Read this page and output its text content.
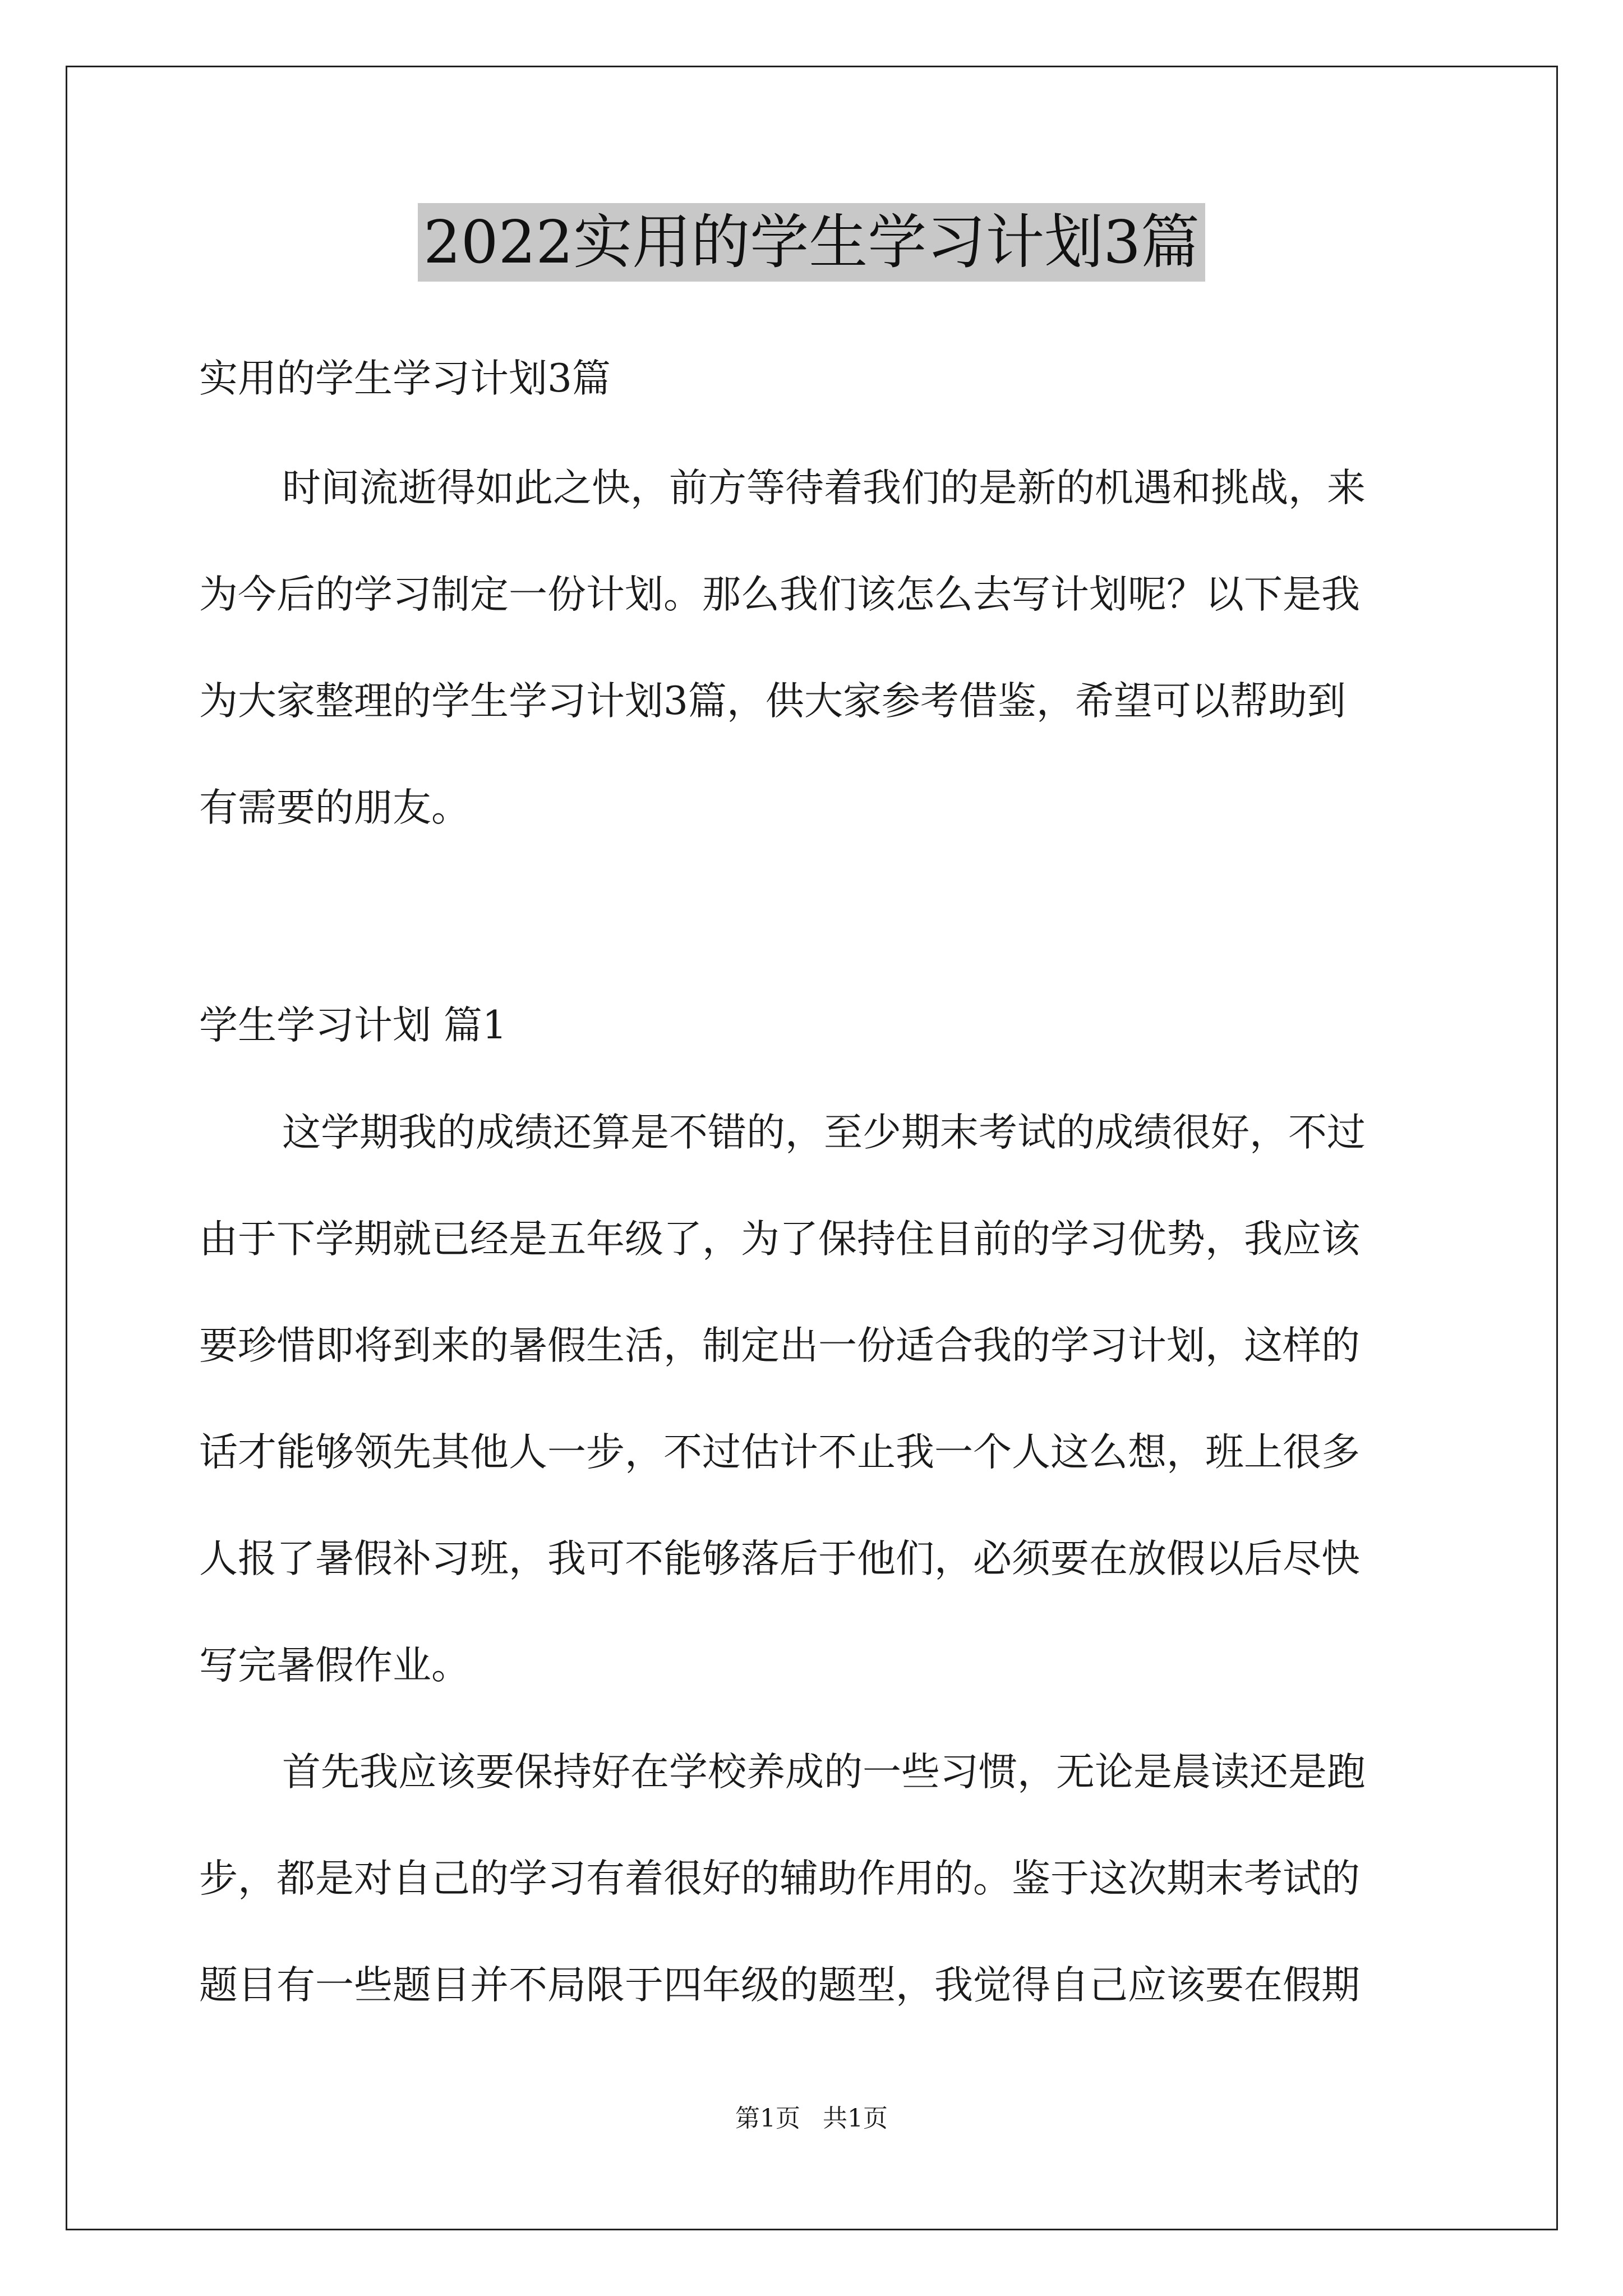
2022实用的学生学习计划3篇
实用的学生学习计划3篇
时间流逝得如此之快，前方等待着我们的是新的机遇和挑战，来
为今后的学习制定一份计划。那么我们该怎么去写计划呢？以下是我
为大家整理的学生学习计划3篇，供大家参考借鉴，希望可以帮助到
有需要的朋友。
学生学习计划 篇1
这学期我的成绩还算是不错的，至少期末考试的成绩很好，不过
由于下学期就已经是五年级了，为了保持住目前的学习优势，我应该
要珍惜即将到来的暑假生活，制定出一份适合我的学习计划，这样的
话才能够领先其他人一步，不过估计不止我一个人这么想，班上很多
人报了暑假补习班，我可不能够落后于他们，必须要在放假以后尽快
写完暑假作业。
首先我应该要保持好在学校养成的一些习惯，无论是晨读还是跑
步，都是对自己的学习有着很好的辅助作用的。鉴于这次期末考试的
题目有一些题目并不局限于四年级的题型，我觉得自己应该要在假期
第1页 共1页
